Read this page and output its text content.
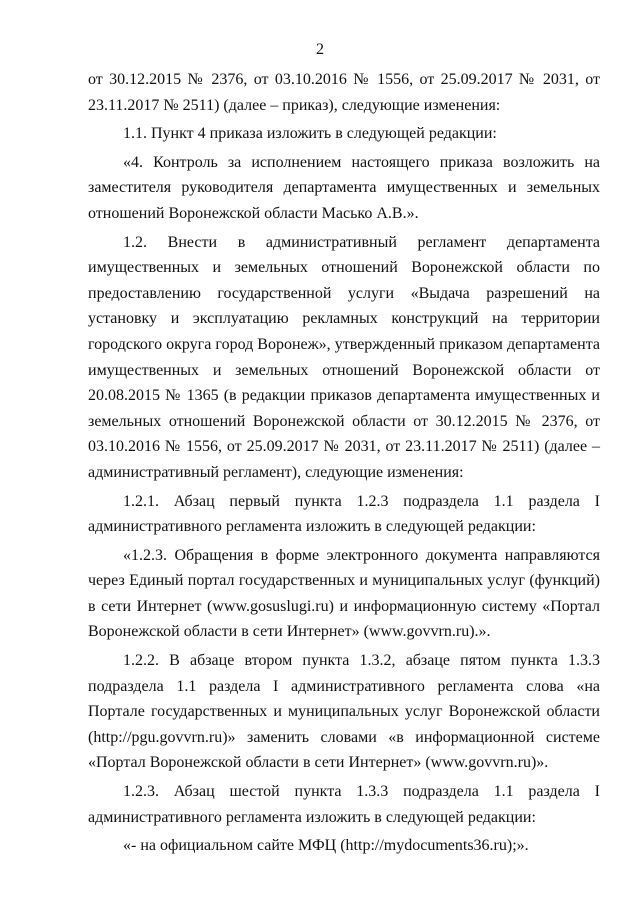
2

от 30.12.2015 № 2376, от 03.10.2016 № 1556, от 25.09.2017 № 2031, от 23.11.2017 № 2511) (далее – приказ), следующие изменения:

1.1. Пункт 4 приказа изложить в следующей редакции:

«4. Контроль за исполнением настоящего приказа возложить на заместителя руководителя департамента имущественных и земельных отношений Воронежской области Масько А.В.».

1.2. Внести в административный регламент департамента имущественных и земельных отношений Воронежской области по предоставлению государственной услуги «Выдача разрешений на установку и эксплуатацию рекламных конструкций на территории городского округа город Воронеж», утвержденный приказом департамента имущественных и земельных отношений Воронежской области от 20.08.2015 № 1365 (в редакции приказов департамента имущественных и земельных отношений Воронежской области от 30.12.2015 № 2376, от 03.10.2016 № 1556, от 25.09.2017 № 2031, от 23.11.2017 № 2511) (далее – административный регламент), следующие изменения:

1.2.1. Абзац первый пункта 1.2.3 подраздела 1.1 раздела I административного регламента изложить в следующей редакции:

«1.2.3. Обращения в форме электронного документа направляются через Единый портал государственных и муниципальных услуг (функций) в сети Интернет (www.gosuslugi.ru) и информационную систему «Портал Воронежской области в сети Интернет» (www.govvrn.ru).».

1.2.2. В абзаце втором пункта 1.3.2, абзаце пятом пункта 1.3.3 подраздела 1.1 раздела I административного регламента слова «на Портале государственных и муниципальных услуг Воронежской области (http://pgu.govvrn.ru)» заменить словами «в информационной системе «Портал Воронежской области в сети Интернет» (www.govvrn.ru)».

1.2.3. Абзац шестой пункта 1.3.3 подраздела 1.1 раздела I административного регламента изложить в следующей редакции:

«- на официальном сайте МФЦ (http://mydocuments36.ru);».
